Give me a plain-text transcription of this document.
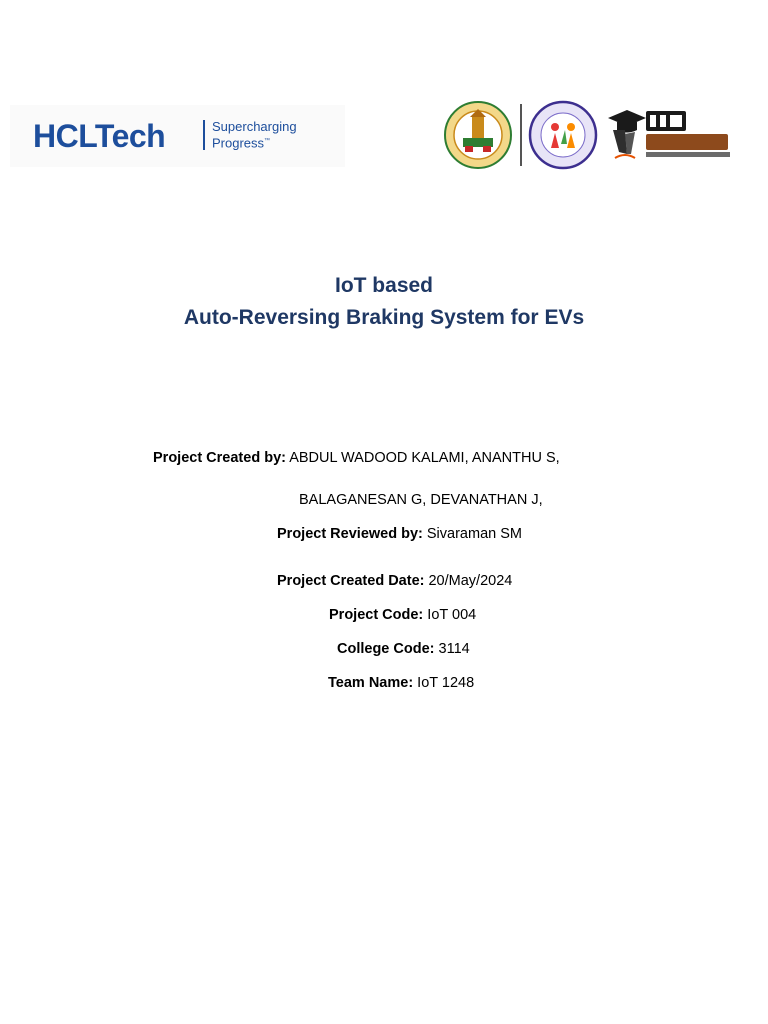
HCLTech	Supercharging
Progress™
IoT based
Auto-Reversing Braking System for EVs
Project Created by: ABDUL WADOOD KALAMI, ANANTHU S,
BALAGANESAN G, DEVANATHAN J,
Project Reviewed by: Sivaraman SM
Project Created Date: 20/May/2024
Project Code: IoT 004
College Code: 3114
Team Name: IoT 1248
